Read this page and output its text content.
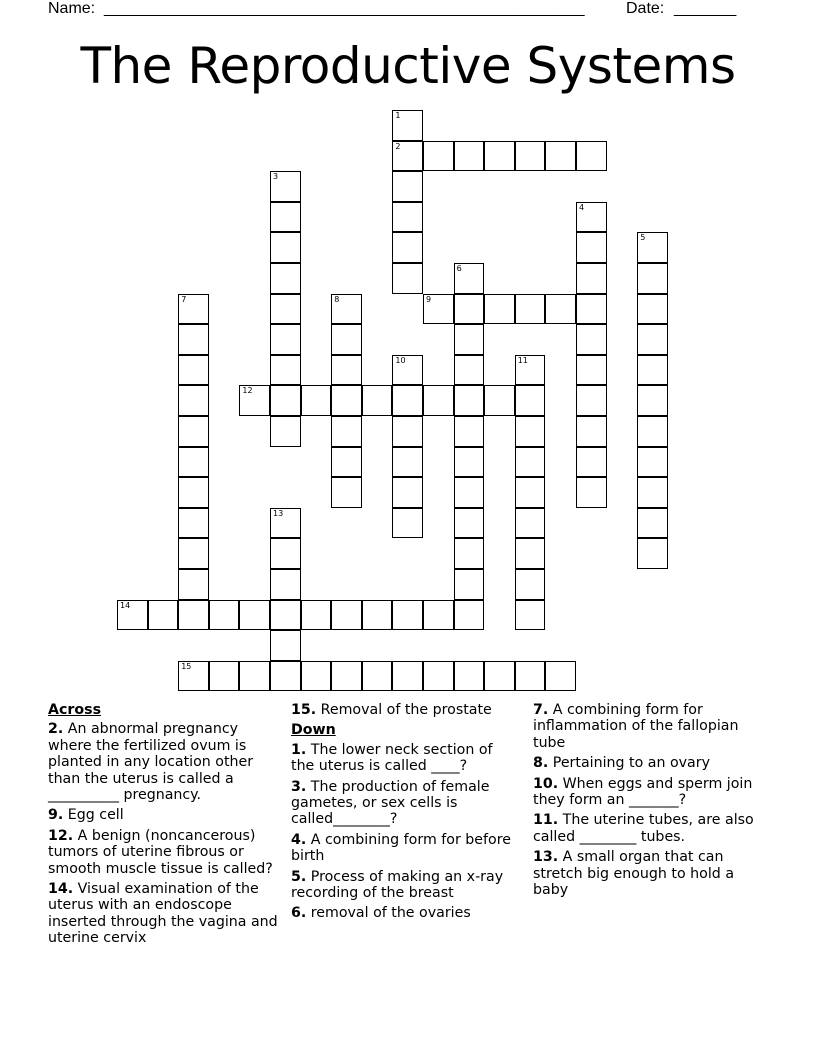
Name: ______________________________________________________	Date: _______
The Reproductive Systems
1
2
3
4
5
6
7	8	9
10	11
12
13
14
15
Across
2. An abnormal pregnancy where the fertilized ovum is planted in any location other than the uterus is called a __________ pregnancy.
9. Egg cell
12. A benign (noncancerous) tumors of uterine fibrous or smooth muscle tissue is called?
14. Visual examination of the uterus with an endoscope inserted through the vagina and uterine cervix
15. Removal of the prostate
Down
1. The lower neck section of the uterus is called ____?
3. The production of female gametes, or sex cells is called________?
4. A combining form for before birth
5. Process of making an x-ray recording of the breast
6. removal of the ovaries
7. A combining form for inflammation of the fallopian tube
8. Pertaining to an ovary
10. When eggs and sperm join they form an _______?
11. The uterine tubes, are also called ________ tubes.
13. A small organ that can stretch big enough to hold a baby
